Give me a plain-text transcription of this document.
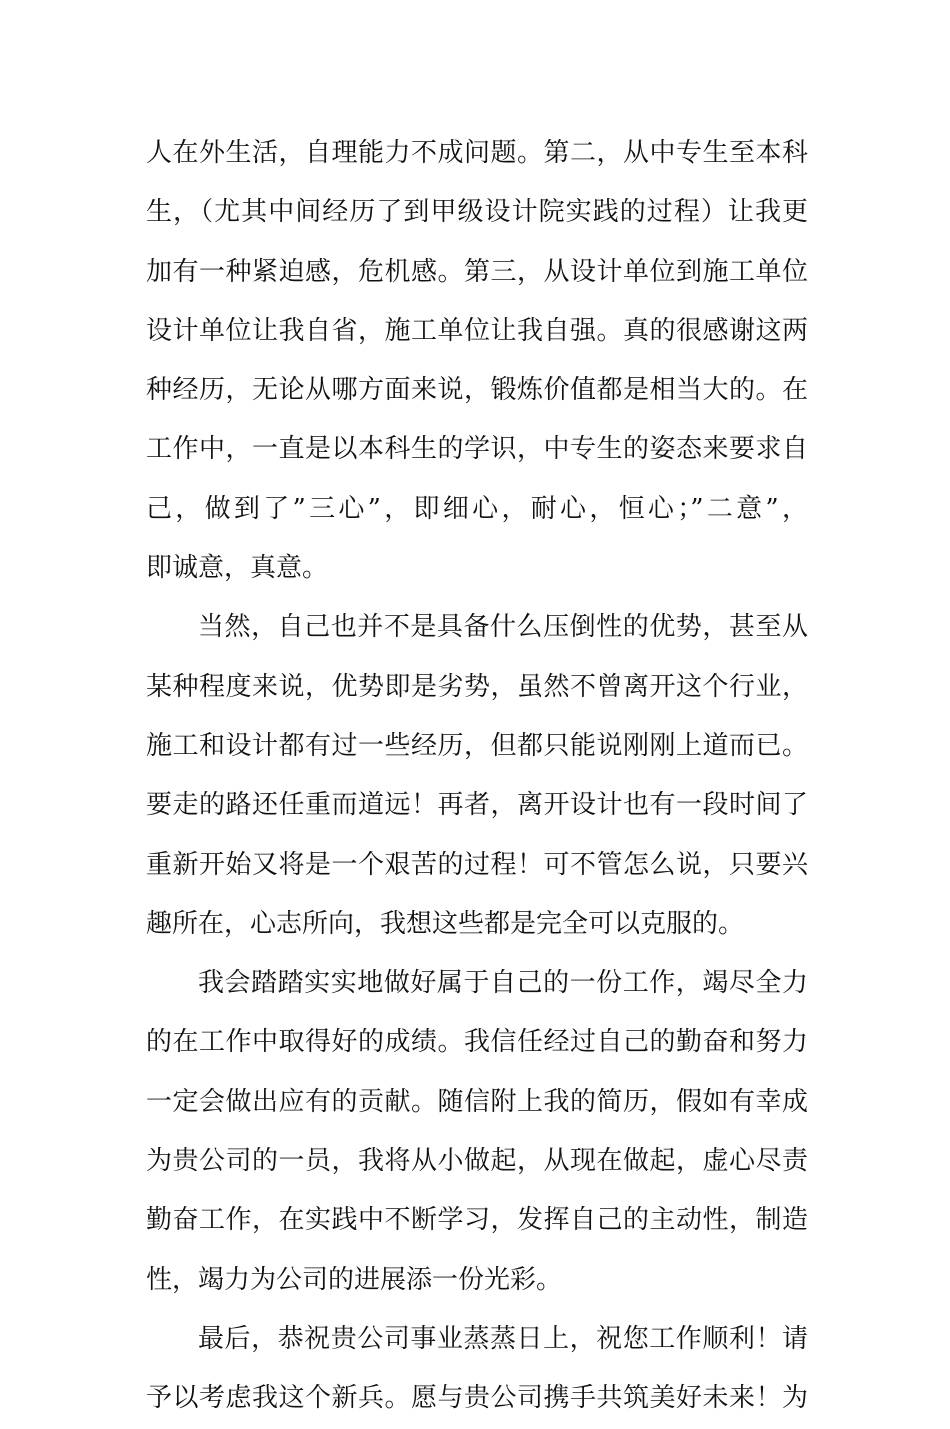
人在外生活，自理能力不成问题。第二，从中专生至本科
生，（尤其中间经历了到甲级设计院实践的过程）让我更
加有一种紧迫感，危机感。第三，从设计单位到施工单位
设计单位让我自省，施工单位让我自强。真的很感谢这两
种经历，无论从哪方面来说，锻炼价值都是相当大的。在
工作中，一直是以本科生的学识，中专生的姿态来要求自
己，做到了”三心”，即细心，耐心，恒心；”二意”，
即诚意，真意。
当然，自己也并不是具备什么压倒性的优势，甚至从
某种程度来说，优势即是劣势，虽然不曾离开这个行业，
施工和设计都有过一些经历，但都只能说刚刚上道而已。
要走的路还任重而道远！再者，离开设计也有一段时间了
重新开始又将是一个艰苦的过程！可不管怎么说，只要兴
趣所在，心志所向，我想这些都是完全可以克服的。
我会踏踏实实地做好属于自己的一份工作，竭尽全力
的在工作中取得好的成绩。我信任经过自己的勤奋和努力
一定会做出应有的贡献。随信附上我的简历，假如有幸成
为贵公司的一员，我将从小做起，从现在做起，虚心尽责
勤奋工作，在实践中不断学习，发挥自己的主动性，制造
性，竭力为公司的进展添一份光彩。
最后，恭祝贵公司事业蒸蒸日上，祝您工作顺利！请
予以考虑我这个新兵。愿与贵公司携手共筑美好未来！为
